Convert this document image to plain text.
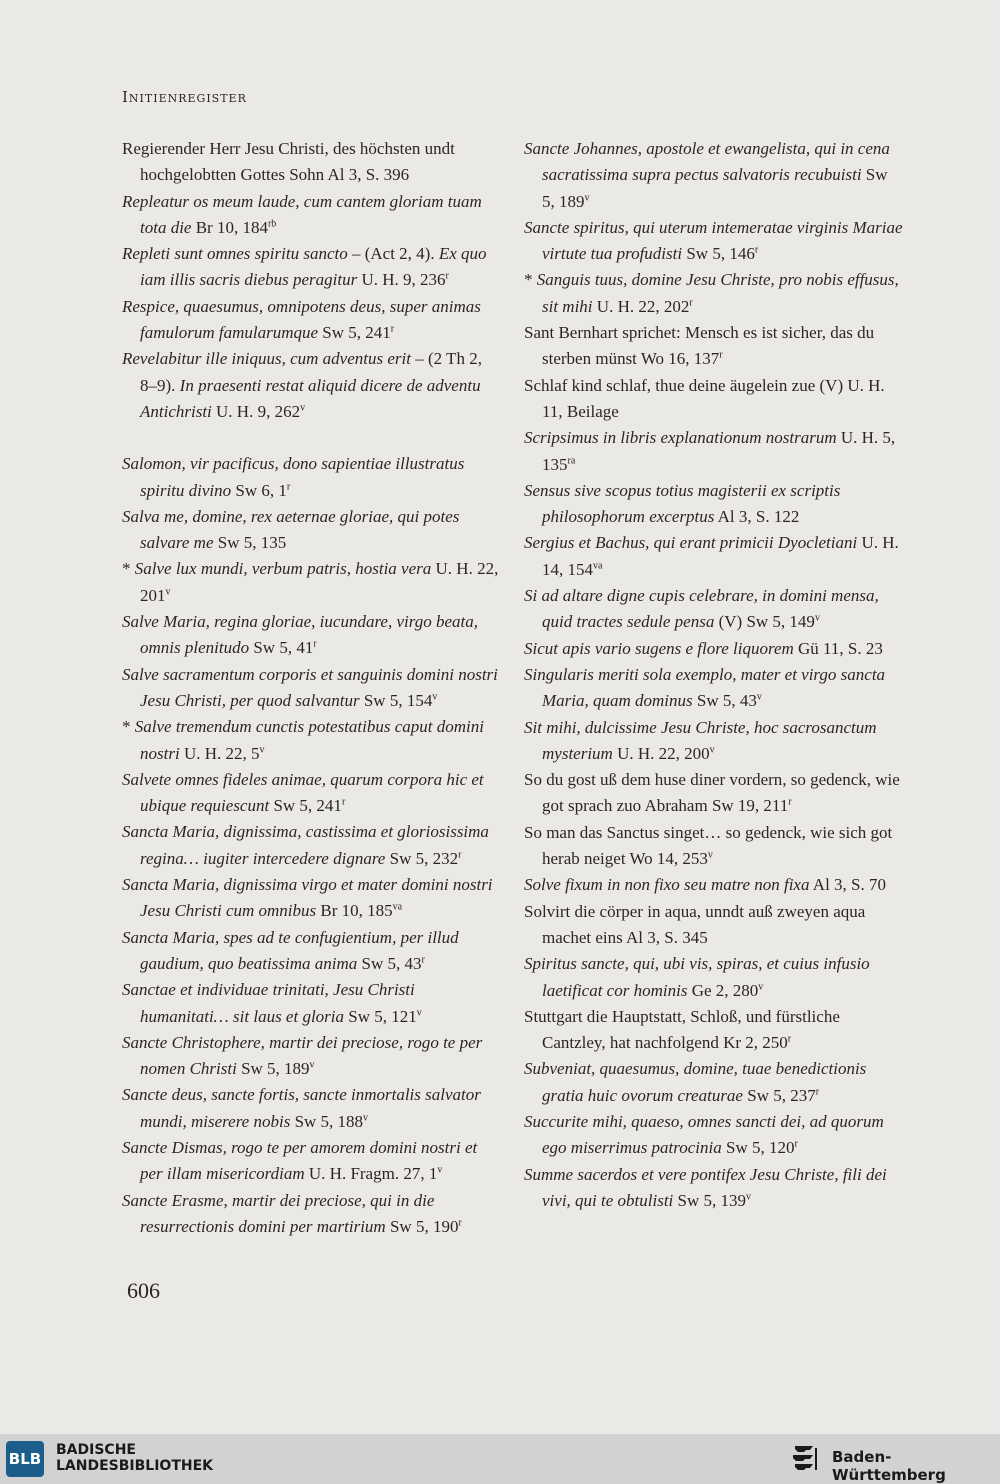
Initienregister
Regierender Herr Jesu Christi, des höchsten undt hochgelobtten Gottes Sohn Al 3, S. 396
Repleatur os meum laude, cum cantem gloriam tuam tota die Br 10, $184^{rb}$
Repleti sunt omnes spiritu sancto – (Act 2, 4). Ex quo iam illis sacris diebus peragitur U. H. 9, 236$^r$
Respice, quaesumus, omnipotens deus, super animas famulorum famularumque Sw 5, 241$^r$
Revelabitur ille iniquus, cum adventus erit – (2 Th 2, 8–9). In praesenti restat aliquid dicere de adventu Antichristi U. H. 9, 262$^v$
Salomon, vir pacificus, dono sapientiae illustratus spiritu divino Sw 6, 1$^r$
Salva me, domine, rex aeternae gloriae, qui potes salvare me Sw 5, 135
* Salve lux mundi, verbum patris, hostia vera U. H. 22, 201$^v$
Salve Maria, regina gloriae, iucundare, virgo beata, omnis plenitudo Sw 5, 41$^r$
Salve sacramentum corporis et sanguinis domini nostri Jesu Christi, per quod salvantur Sw 5, 154$^v$
* Salve tremendum cunctis potestatibus caput domini nostri U. H. 22, 5$^v$
Salvete omnes fideles animae, quarum corpora hic et ubique requiescunt Sw 5, 241$^r$
Sancta Maria, dignissima, castissima et gloriosissima regina… iugiter intercedere dignare Sw 5, 232$^r$
Sancta Maria, dignissima virgo et mater domini nostri Jesu Christi cum omnibus Br 10, $185^{va}$
Sancta Maria, spes ad te confugientium, per illud gaudium, quo beatissima anima Sw 5, 43$^r$
Sanctae et individuae trinitati, Jesu Christi humanitati… sit laus et gloria Sw 5, 121$^v$
Sancte Christophere, martir dei preciose, rogo te per nomen Christi Sw 5, 189$^v$
Sancte deus, sancte fortis, sancte inmortalis salvator mundi, miserere nobis Sw 5, 188$^v$
Sancte Dismas, rogo te per amorem domini nostri et per illam misericordiam U. H. Fragm. 27, 1$^v$
Sancte Erasme, martir dei preciose, qui in die resurrectionis domini per martirium Sw 5, 190$^r$
Sancte Johannes, apostole et ewangelista, qui in cena sacratissima supra pectus salvatoris recubuisti Sw 5, 189$^v$
Sancte spiritus, qui uterum intemeratae virginis Mariae virtute tua profudisti Sw 5, 146$^r$
* Sanguis tuus, domine Jesu Christe, pro nobis effusus, sit mihi U. H. 22, 202$^r$
Sant Bernhart sprichet: Mensch es ist sicher, das du sterben münst Wo 16, 137$^r$
Schlaf kind schlaf, thue deine äugelein zue (V) U. H. 11, Beilage
Scripsimus in libris explanationum nostrarum U. H. 5, $135^{ra}$
Sensus sive scopus totius magisterii ex scriptis philosophorum excerptus Al 3, S. 122
Sergius et Bachus, qui erant primicii Dyocletiani U. H. 14, $154^{va}$
Si ad altare digne cupis celebrare, in domini mensa, quid tractes sedule pensa (V) Sw 5, 149$^v$
Sicut apis vario sugens e flore liquorem Gü 11, S. 23
Singularis meriti sola exemplo, mater et virgo sancta Maria, quam dominus Sw 5, 43$^v$
Sit mihi, dulcissime Jesu Christe, hoc sacrosanctum mysterium U. H. 22, 200$^v$
So du gost uß dem huse diner vordern, so gedenck, wie got sprach zuo Abraham Sw 19, 211$^r$
So man das Sanctus singet… so gedenck, wie sich got herab neiget Wo 14, 253$^v$
Solve fixum in non fixo seu matre non fixa Al 3, S. 70
Solvirt die cörper in aqua, unndt auß zweyen aqua machet eins Al 3, S. 345
Spiritus sancte, qui, ubi vis, spiras, et cuius infusio laetificat cor hominis Ge 2, 280$^v$
Stuttgart die Hauptstatt, Schloß, und fürstliche Cantzley, hat nachfolgend Kr 2, 250$^r$
Subveniat, quaesumus, domine, tuae benedictionis gratia huic ovorum creaturae Sw 5, 237$^r$
Succurite mihi, quaeso, omnes sancti dei, ad quorum ego miserrimus patrocinia Sw 5, 120$^r$
Summe sacerdos et vere pontifex Jesu Christe, fili dei vivi, qui te obtulisti Sw 5, 139$^v$
606
BLB BADISCHE
LANDESBIBLIOTHEK	Baden-Württemberg
